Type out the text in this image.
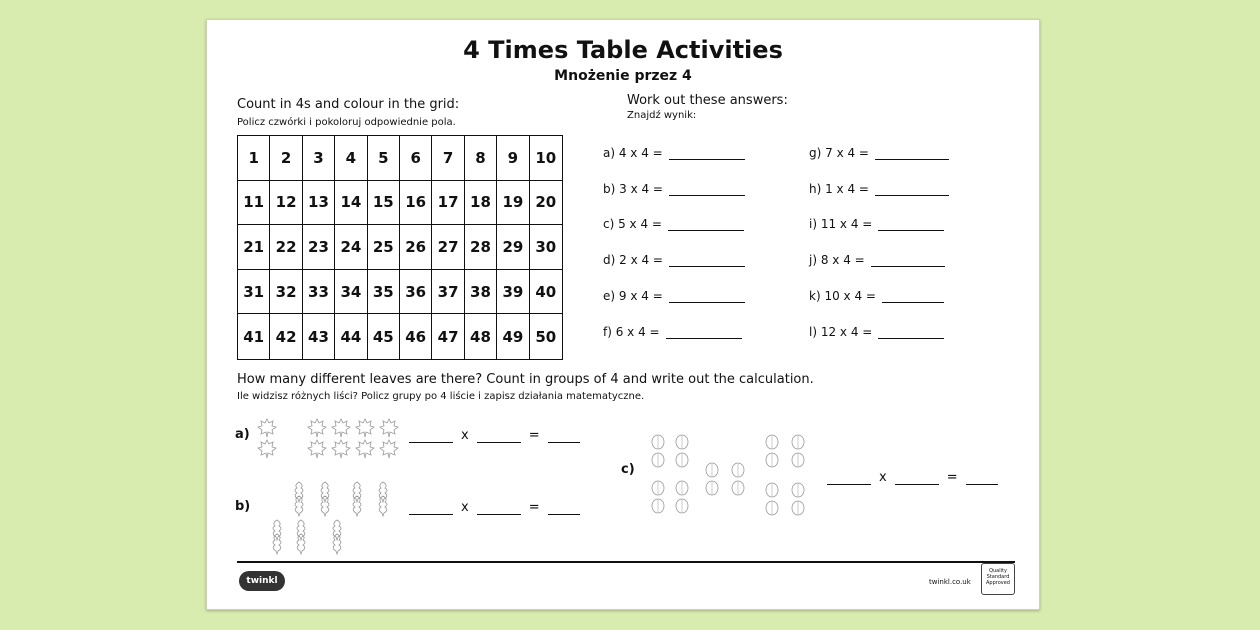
4 Times Table Activities
Mnożenie przez 4
Count in 4s and colour in the grid:
Policz czwórki i pokoloruj odpowiednie pola.
1	2	3	4	5	6	7	8	9	10
11 12 13 14 15 16 17 18 19 20
21 22 23 24 25 26 27 28 29 30
31 32 33 34 35 36 37 38 39 40
41 42 43 44 45 46 47 48 49 50
Work out these answers:
Znajdź wynik:
a) 4 x 4 =
b) 3 x 4 =
c) 5 x 4 =
d) 2 x 4 =
e) 9 x 4 =
f) 6 x 4 =
g) 7 x 4 =
h) 1 x 4 =
i) 11 x 4 =
j) 8 x 4 =
k) 10 x 4 =
l) 12 x 4 =
How many different leaves are there? Count in groups of 4 and write out the calculation.
Ile widzisz różnych liści? Policz grupy po 4 liście i zapisz działania matematyczne.
a)	x	=
b)	x	=
c)
x	=
twinkl	twinkl.co.uk
Quality Standard Approved
